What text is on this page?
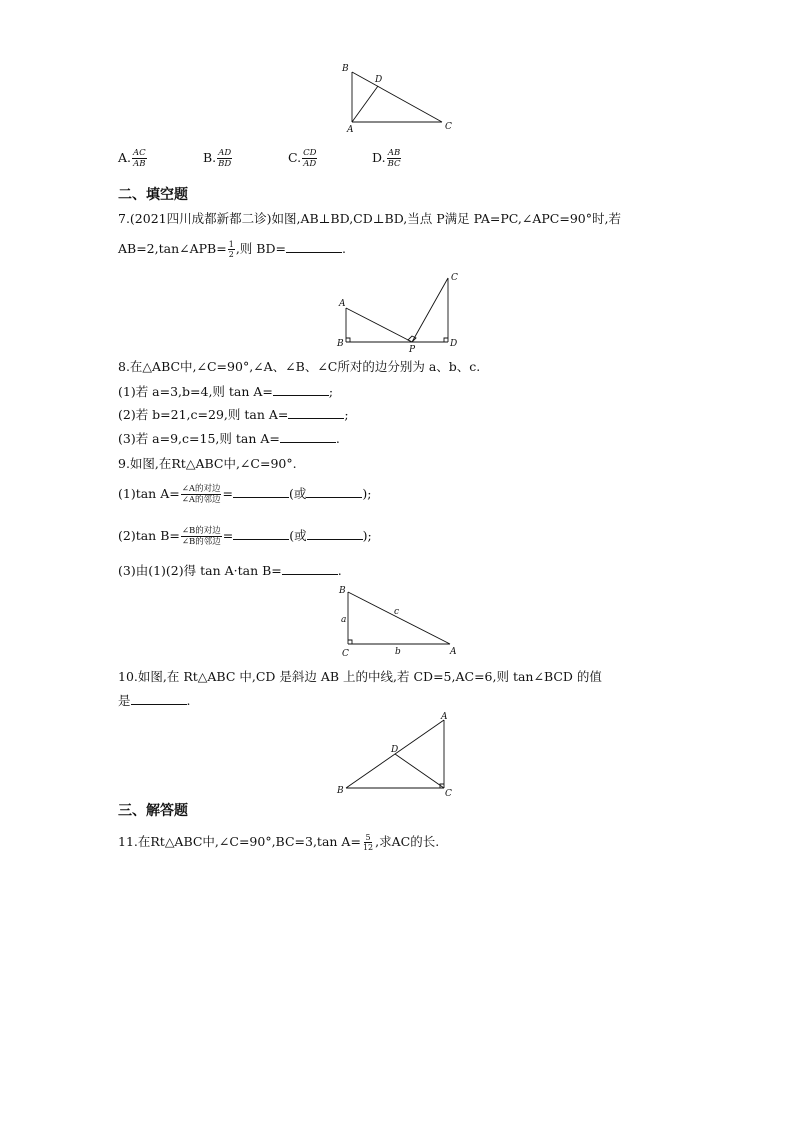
B
D
A	C
A. $\frac{AC}{AB}$	B. $\frac{AD}{BD}$	C. $\frac{CD}{AD}$	D. $\frac{AB}{BC}$
二、填空题
7.(2021四川成都新都二诊)如图,AB⊥BD,CD⊥BD,当点 P满足 PA=PC,∠APC=90°时,若
AB=2,tan∠APB= $\frac{1}{2}$ ,则 BD=	.
A
C
B
P
D
8.在△ABC中,∠C=90°,∠A、∠B、∠C所对的边分别为 a、b、c.
(1)若 a=3,b=4,则 tan A=	;
(2)若 b=21,c=29,则 tan A=	;
(3)若 a=9,c=15,则 tan A=	.
9.如图,在Rt△ABC中,∠C=90°.
(1)tan $A= \frac{\text{∠A的对边}}{\text{∠A的邻边}}$ =	(或	);
(2)tan $B= \frac{\text{∠B的对边}}{\text{∠B的邻边}}$ =	(或	);
(3)由(1)(2)得 tan A·tan B=	.
B
C	A
a
b
c
10.如图,在 Rt△ABC 中,CD 是斜边 AB 上的中线,若 CD=5,AC=6,则 tan∠BCD 的值
是	.
A
D
B	C
三、解答题
11.在Rt△ABC中,∠C=90°,BC=3,tan $A= \frac{5}{12}$ ,求AC的长.
